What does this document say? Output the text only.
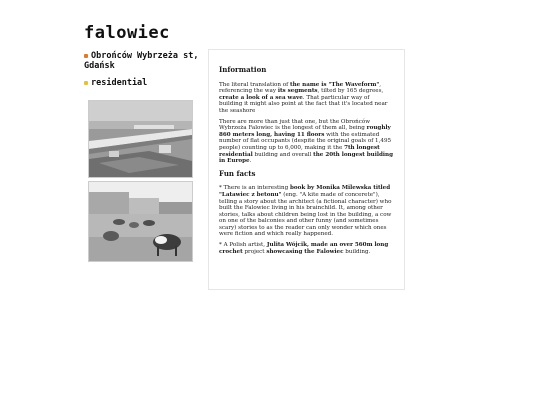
falowiec
Obrońców Wybrzeża st, Gdańsk
residential
Information

The literal translation of the name is "The Waveform", referencing the way its segments, tilted by 165 degrees, create a look of a sea wave. That particular way of building it might also point at the fact that it's located near the seashore

There are more than just that one, but the Obrońców Wybrzeża Falowiec is the longest of them all, being roughly 860 meters long, having 11 floors with the estimated number of flat occupants (despite the original goals of 1,495 people) counting up to 6,000, making it the 7th longest residential building and overall the 20th longest building in Europe.

Fun facts

* There is an interesting book by Monika Milewska titled "Latawiec z betonu" (eng. "A kite made of concerete"), telling a story about the architect (a fictional character) who built the Falowiec living in his brainchild. It, among other stories, talks about children being lost in the building, a cow on one of the balconies and other funny (and sometimes scary) stories to as the reader can only wonder which ones were fiction and which really happened.

* A Polish artist, Julita Wójcik, made an over 560m long crochet project showcasing the Falowiec building.
